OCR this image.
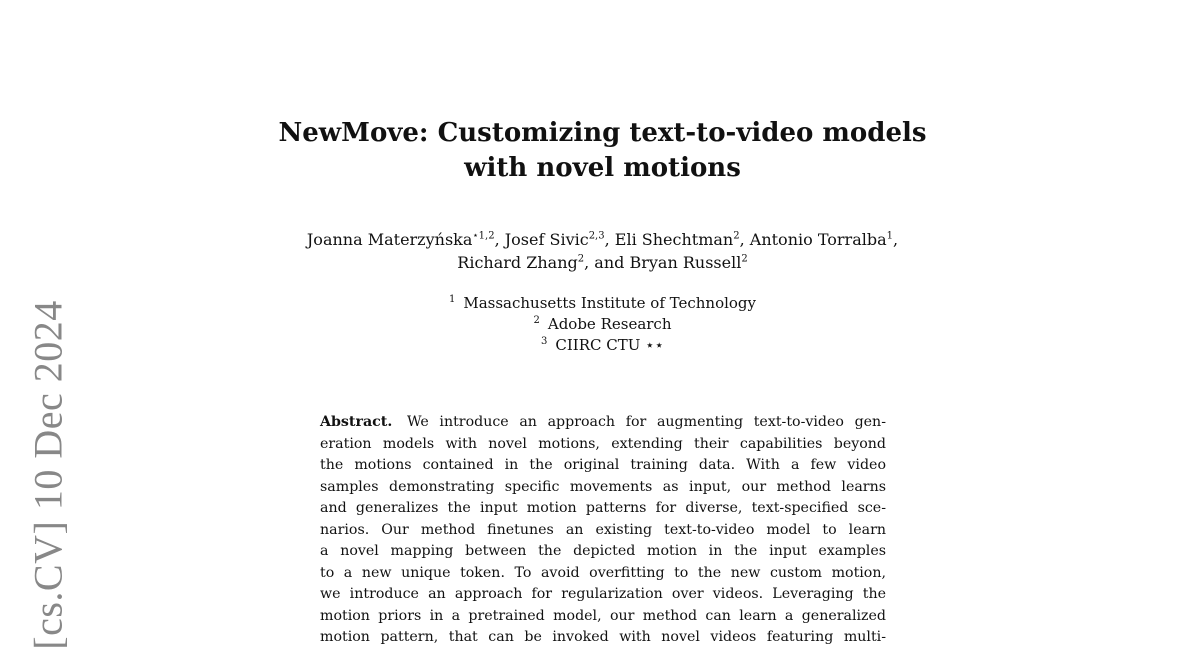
[cs.CV] 10 Dec 2024
NewMove: Customizing text-to-video models
with novel motions
Joanna Materzyńska$^{⋆1,2}$, Josef Sivic$^{2,3}$, Eli Shechtman$^2$, Antonio Torralba$^1$,
Richard Zhang$^2$, and Bryan Russell$^2$
$^1$ Massachusetts Institute of Technology
$^2$ Adobe Research
$^3$ CIIRC CTU ⋆⋆
Abstract. We introduce an approach for augmenting text-to-video gen-
eration models with novel motions, extending their capabilities beyond
the motions contained in the original training data. With a few video
samples demonstrating specific movements as input, our method learns
and generalizes the input motion patterns for diverse, text-specified sce-
narios. Our method finetunes an existing text-to-video model to learn
a novel mapping between the depicted motion in the input examples
to a new unique token. To avoid overfitting to the new custom motion,
we introduce an approach for regularization over videos. Leveraging the
motion priors in a pretrained model, our method can learn a generalized
motion pattern, that can be invoked with novel videos featuring multi-
